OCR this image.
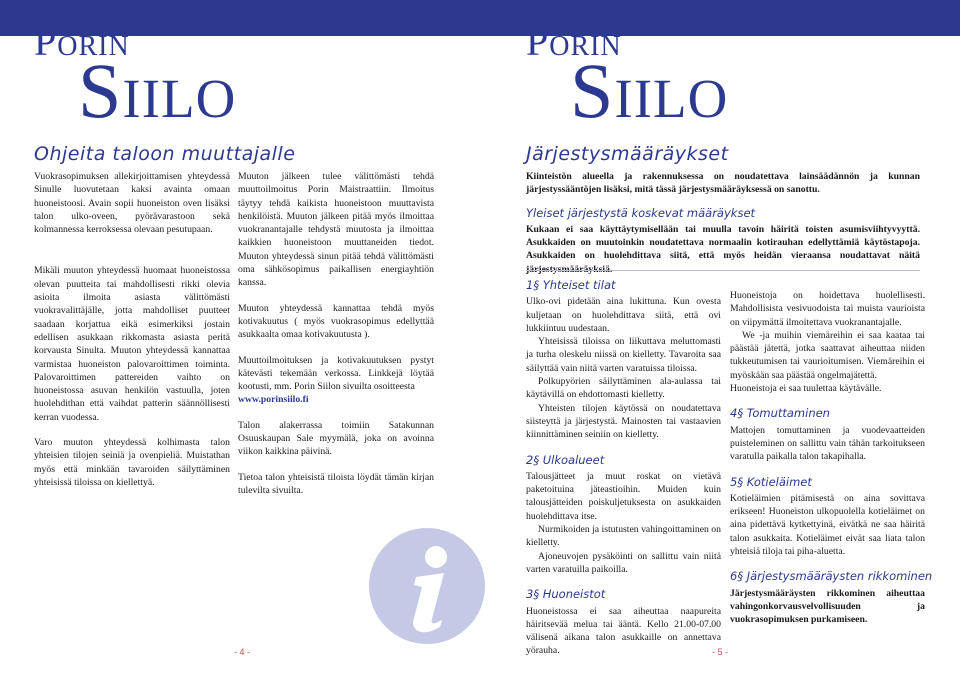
Porin
Siilo
Ohjeita taloon muuttajalle

Vuokrasopimuksen allekirjoittamisen yhteydessä Sinulle luovutetaan kaksi avainta omaan huoneistoosi. Avain sopii huoneiston oven lisäksi talon ulko-oveen, pyörävarastoon sekä kolmannessa kerroksessa olevaan pesutupaan.

Mikäli muuton yhteydessä huomaat huoneistossa olevan puutteita tai mahdollisesti rikki olevia asioita ilmoita asiasta välittömästi vuokravalittäjälle, jotta mahdolliset puutteet saadaan korjattua eikä esimerkiksi jostain edellisen asukkaan rikkomasta asiasta peritä korvausta Sinulta. Muuton yhteydessä kannattaa varmistaa huoneiston palovaroittimen toiminta. Palovaroittimen pattereiden vaihto on huoneistossa asuvan henkilön vastuulla, joten huolehdithan että vaihdat patterin säännöllisesti kerran vuodessa.

Varo muuton yhteydessä kolhimasta talon yhteisien tilojen seiniä ja ovenpieliä. Muistathan myös että minkään tavaroiden säilyttäminen yhteisissä tiloissa on kiellettyä.

Muuton jälkeen tulee välittömästi tehdä muuttoilmoitus Porin Maistraattiin. Ilmoitus täytyy tehdä kaikista huoneistoon muuttavista henkilöistä. Muuton jälkeen pitää myös ilmoittaa vuokranantajalle tehdystä muutosta ja ilmoittaa kaikkien huoneistoon muuttaneiden tiedot. Muuton yhteydessä sinun pitää tehdä välittömästi oma sähkösopimus paikallisen energiayhtiön kanssa.

Muuton yhteydessä kannattaa tehdä myös kotivakuutus ( myös vuokrasopimus edellyttää asukkaalta omaa kotivakuutusta ).

Muuttoilmoituksen ja kotivakuutuksen pystyt kätevästi tekemään verkossa. Linkkejä löytää kootusti, mm. Porin Siilon sivuilta osoitteesta

www.porinsiilo.fi

Talon alakerrassa toimiin Satakunnan Osuuskaupan Sale myymälä, joka on avoinna viikon kaikkina päivinä.

Tietoa talon yhteisistä tiloista löydät tämän kirjan tulevilta sivuilta.

- 4 -
Porin
Siilo
Järjestysmääräykset

Kiinteistön alueella ja rakennuksessa on noudatettava lainsäädännön ja kunnan järjestyssääntöjen lisäksi, mitä tässä järjestysmääräyksessä on sanottu.

Yleiset järjestystä koskevat määräykset

Kukaan ei saa käyttäytymisellään tai muulla tavoin häiritä toisten asumisviihtyvyyttä. Asukkaiden on muutoinkin noudatettava normaalin kotirauhan edellyttämiä käytöstapoja. Asukkaiden on huolehdittava siitä, että myös heidän vieraansa noudattavat näitä

1§ Yhteiset tilat

Ulko-ovi pidetään aina lukittuna. Kun ovesta kuljetaan on huolehdittava siitä, että ovi lukkiintuu uudestaan.

Yhteisissä tiloissa on liikuttava meluttomasti ja turha oleskelu niissä on kielletty. Tavaroita saa säilyttää vain niitä varten varatuissa tiloissa.

Polkupyörien säilyttäminen ala-aulassa tai käytävillä on ehdottomasti kielletty.

Yhteisten tilojen käytössä on noudatettava siisteyttä ja järjestystä. Mainosten tai vastaavien kiinnittäminen seiniin on kielletty.

2§ Ulkoalueet

Talousjätteet ja muut roskat on vietävä paketoituina jäteastioihin. Muiden kuin talousjätteiden poiskuljetuksesta on asukkaiden huolehdittava itse.

Nurmikoiden ja istutusten vahingoittaminen on kielletty.

Ajoneuvojen pysäköinti on sallittu vain niitä varten varatuilla paikoilla.

3§ Huoneistot

Huoneistossa ei saa aiheuttaa naapureita häiritsevää melua tai ääntä. Kello 21.00-07.00 välisenä aikana talon asukkaille on annettava yörauha.

Huoneistoja on hoidettava huolellisesti. Mahdollisista vesivuodoista tai muista vaurioista on viipymättä ilmoitettava vuokranantajalle.

We -ja muihin viemäreihin ei saa kaataa tai päästää jätettä, jotka saattavat aiheuttaa niiden tukkeutumisen tai vaurioitumisen. Viemäreihin ei myöskään saa päästää ongelmajätettä.

Huoneistoja ei saa tuulettaa käytävälle.

4§ Tomuttaminen

Mattojen tomuttaminen ja vuodevaatteiden puisteleminen on sallittu vain tähän tarkoitukseen varatulla paikalla talon takapihalla.

5§ Kotieläimet

Kotieläimien pitämisestä on aina sovittava erikseen! Huoneiston ulkopuolella kotieläimet on aina pidettävä kytkettyinä, eivätkä ne saa häiritä talon asukkaita. Kotieläimet eivät saa liata talon yhteisiä tiloja tai piha-aluetta.

6§ Järjestysmääräysten rikkominen

Järjestysmääräysten rikkominen aiheuttaa vahingonkorvausvelvollisuuden ja vuokrasopimuksen purkamiseen.

- 5 -
